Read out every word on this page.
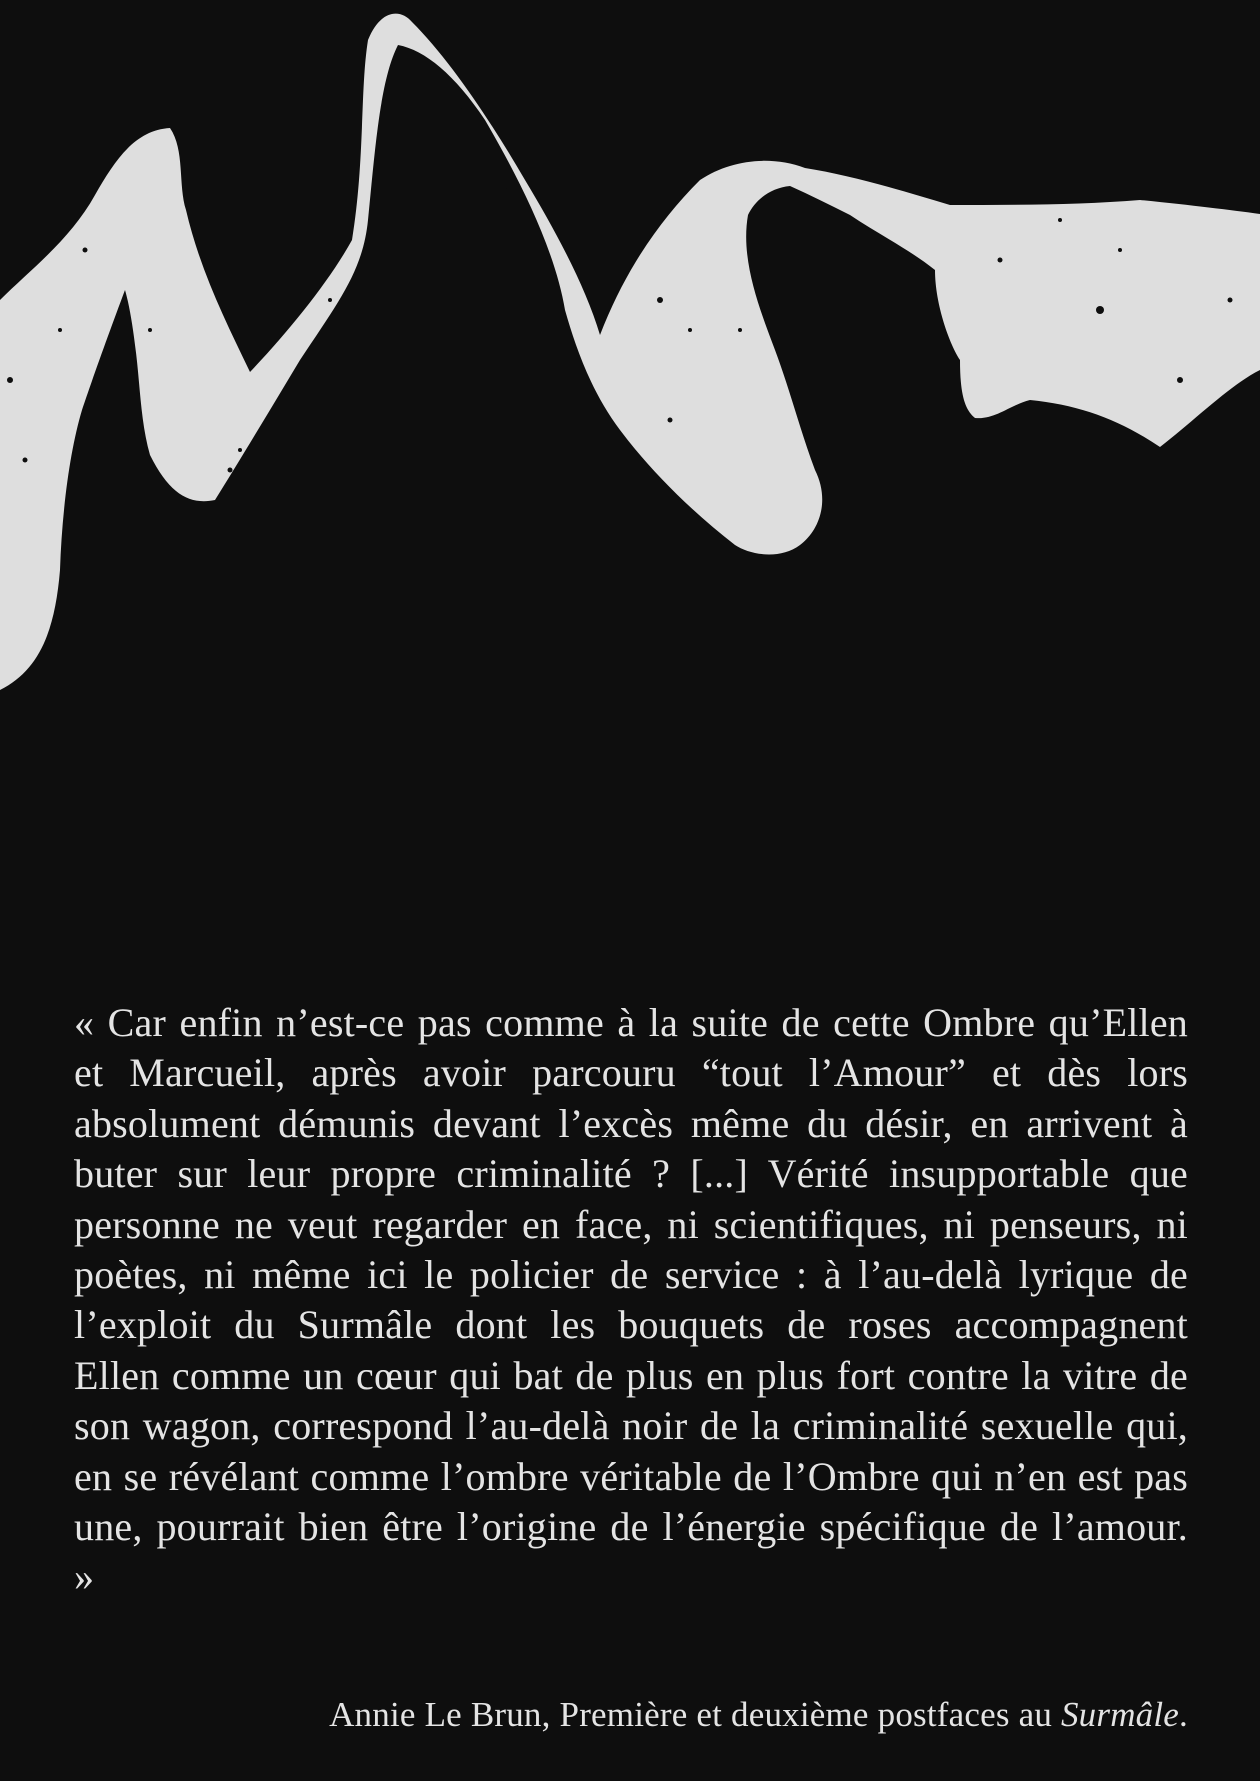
« Car enfin n’est-ce pas comme à la suite de cette Ombre qu’Ellen et Marcueil, après avoir parcouru “tout l’Amour” et dès lors absolument démunis devant l’excès même du désir, en arrivent à buter sur leur propre criminalité ? [...] Vérité insupportable que personne ne veut regarder en face, ni scientifiques, ni penseurs, ni poètes, ni même ici le policier de service : à l’au-delà lyrique de l’exploit du Surmâle dont les bouquets de roses accompagnent Ellen comme un cœur qui bat de plus en plus fort contre la vitre de son wagon, correspond l’au-delà noir de la criminalité sexuelle qui, en se révélant comme l’ombre véritable de l’Ombre qui n’en est pas une, pourrait bien être l’origine de l’énergie spécifique de l’amour. »

Annie Le Brun, Première et deuxième postfaces au Surmâle.
